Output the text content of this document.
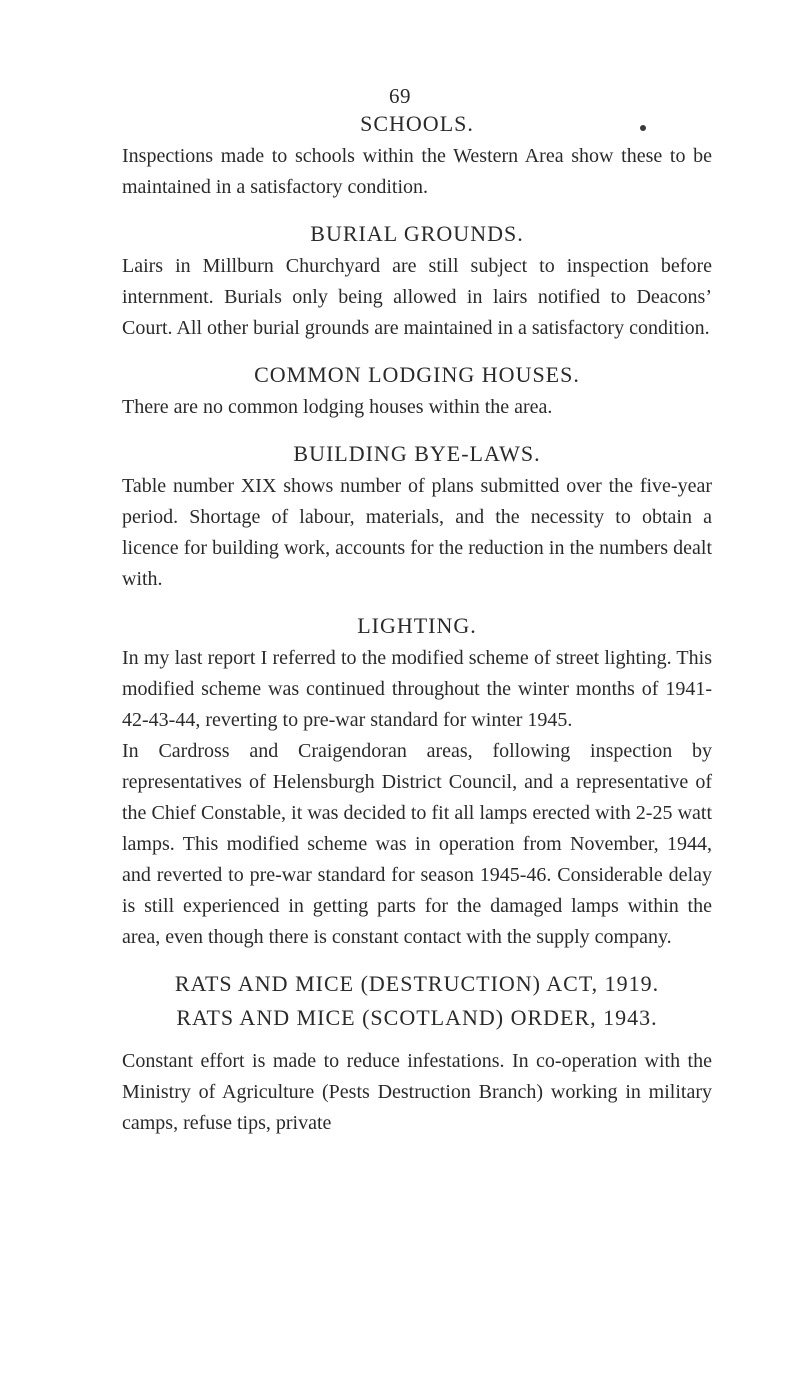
69
SCHOOLS.

Inspections made to schools within the Western Area show these to be maintained in a satisfactory condition.

BURIAL GROUNDS.

Lairs in Millburn Churchyard are still subject to inspection before internment. Burials only being allowed in lairs notified to Deacons’ Court. All other burial grounds are maintained in a satisfactory condition.

COMMON LODGING HOUSES.

There are no common lodging houses within the area.

BUILDING BYE-LAWS.

Table number XIX shows number of plans submitted over the five-year period. Shortage of labour, materials, and the necessity to obtain a licence for building work, accounts for the reduction in the numbers dealt with.

LIGHTING.

In my last report I referred to the modified scheme of street lighting. This modified scheme was continued throughout the winter months of 1941-42-43-44, reverting to pre-war standard for winter 1945.

In Cardross and Craigendoran areas, following inspection by representatives of Helensburgh District Council, and a representative of the Chief Constable, it was decided to fit all lamps erected with 2-25 watt lamps. This modified scheme was in operation from November, 1944, and reverted to pre-war standard for season 1945-46. Considerable delay is still experienced in getting parts for the damaged lamps within the area, even though there is constant contact with the supply company.

RATS AND MICE (DESTRUCTION) ACT, 1919.
RATS AND MICE (SCOTLAND) ORDER, 1943.

Constant effort is made to reduce infestations. In co-operation with the Ministry of Agriculture (Pests Destruction Branch) working in military camps, refuse tips, private
